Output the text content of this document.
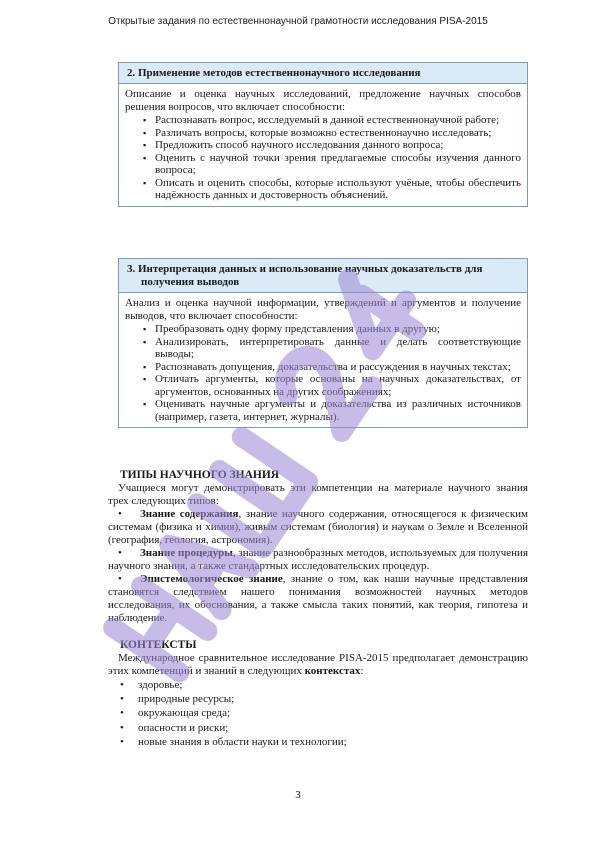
Открытые задания по естественнонаучной грамотности исследования PISA-2015
2. Применение методов естественнонаучного исследования
Описание и оценка научных исследований, предложение научных способов решения вопросов, что включает способности:
▪ Распознавать вопрос, исследуемый в данной естественнонаучной работе;
▪ Различать вопросы, которые возможно естественнонаучно исследовать;
▪ Предложить способ научного исследования данного вопроса;
▪ Оценить с научной точки зрения предлагаемые способы изучения данного вопроса;
▪ Описать и оценить способы, которые используют учёные, чтобы обеспечить надёжность данных и достоверность объяснений.
3. Интерпретация данных и использование научных доказательств для получения выводов
Анализ и оценка научной информации, утверждений и аргументов и получение выводов, что включает способности:
▪ Преобразовать одну форму представления данных в другую;
▪ Анализировать, интерпретировать данные и делать соответствующие выводы;
▪ Распознавать допущения, доказательства и рассуждения в научных текстах;
▪ Отличать аргументы, которые основаны на научных доказательствах, от аргументов, основанных на других соображениях;
▪ Оценивать научные аргументы и доказательства из различных источников (например, газета, интернет, журналы).
ТИПЫ НАУЧНОГО ЗНАНИЯ
Учащиеся могут демонстрировать эти компетенции на материале научного знания трех следующих типов:
• Знание содержания, знание научного содержания, относящегося к физическим системам (физика и химия), живым системам (биология) и наукам о Земле и Вселенной (география, геология, астрономия).
• Знание процедуры, знание разнообразных методов, используемых для получения научного знания, а также стандартных исследовательских процедур.
• Эпистемологическое знание, знание о том, как наши научные представления становятся следствием нашего понимания возможностей научных методов исследования, их обоснования, а также смысла таких понятий, как теория, гипотеза и наблюдение.
КОНТЕКСТЫ
Международное сравнительное исследование PISA-2015 предполагает демонстрацию этих компетенций и знаний в следующих контекстах:
• здоровье;
• природные ресурсы;
• окружающая среда;
• опасности и риски;
• новые знания в области науки и технологии;
3
